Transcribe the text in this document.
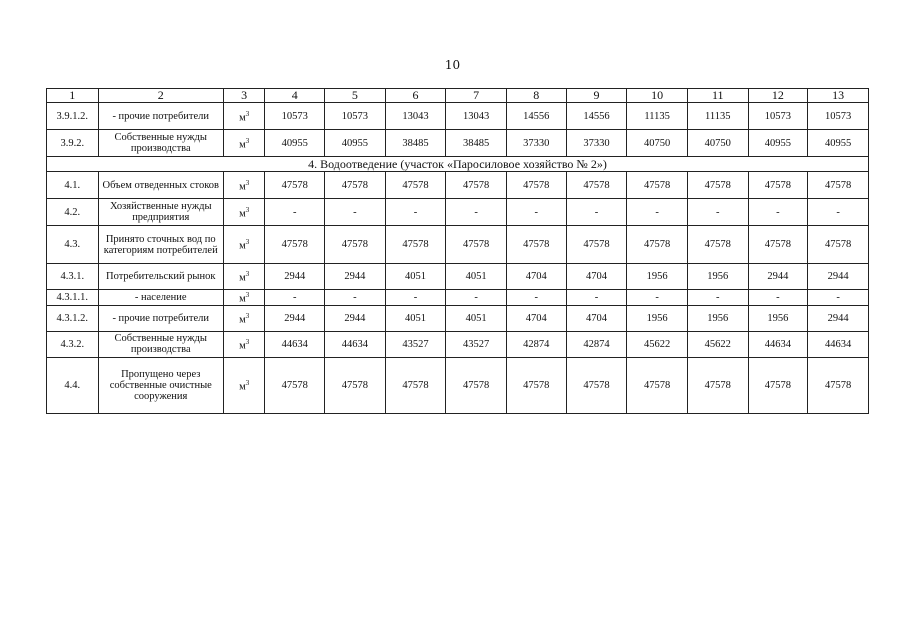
10
1	2	3	4	5	6	7	8	9	10	11	12	13
3.9.1.2.	- прочие потребители	$м^3$	10573	10573	13043	13043	14556	14556	11135	11135	10573	10573
3.9.2.	Собственные нужды производства	$м^3$	40955	40955	38485	38485	37330	37330	40750	40750	40955	40955
4. Водоотведение (участок «Паросиловое хозяйство № 2»)												
4.1.	Объем отведенных стоков	$м^3$	47578	47578	47578	47578	47578	47578	47578	47578	47578	47578
4.2.	Хозяйственные нужды предприятия	$м^3$	-	-	-	-	-	-	-	-	-	-
4.3.	Принято сточных вод по категориям потребителей	$м^3$	47578	47578	47578	47578	47578	47578	47578	47578	47578	47578
4.3.1.	Потребительский рынок	$м^3$	2944	2944	4051	4051	4704	4704	1956	1956	2944	2944
4.3.1.1.	- население	$м^3$	-	-	-	-	-	-	-	-	-	-
4.3.1.2.	- прочие потребители	$м^3$	2944	2944	4051	4051	4704	4704	1956	1956	1956	2944
4.3.2.	Собственные нужды производства	$м^3$	44634	44634	43527	43527	42874	42874	45622	45622	44634	44634
4.4.	Пропущено через собственные очистные сооружения	$м^3$	47578	47578	47578	47578	47578	47578	47578	47578	47578	47578
